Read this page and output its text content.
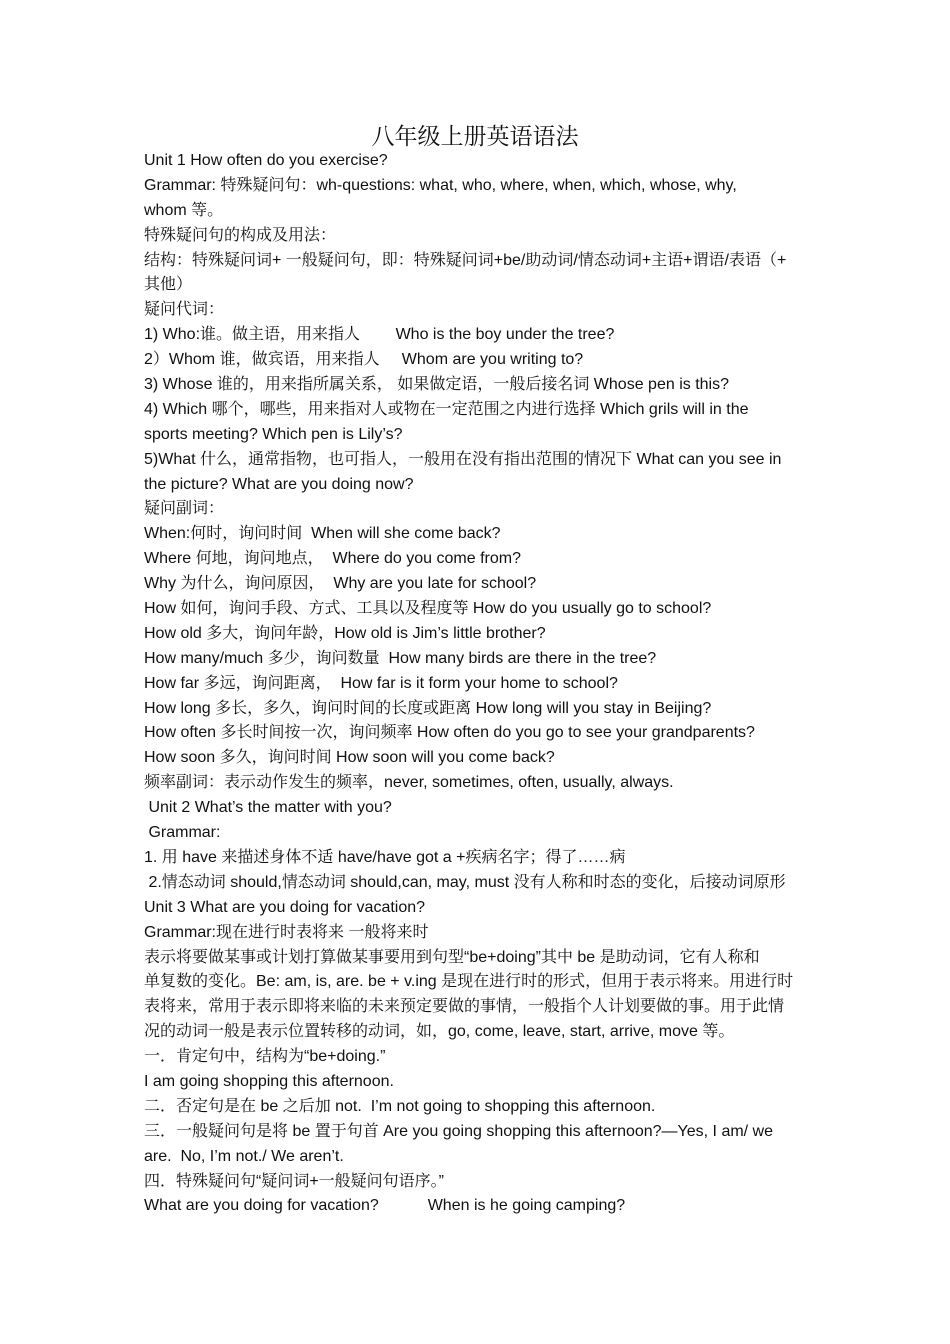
八年级上册英语语法
Unit 1 How often do you exercise?
Grammar: 特殊疑问句：wh-questions: what, who, where, when, which, whose, why,
whom 等。
特殊疑问句的构成及用法：
结构：特殊疑问词+ 一般疑问句，即：特殊疑问词+be/助动词/情态动词+主语+谓语/表语（+
其他）
疑问代词：
1) Who:谁。做主语，用来指人        Who is the boy under the tree?
2）Whom 谁，做宾语，用来指人     Whom are you writing to?
3) Whose 谁的，用来指所属关系， 如果做定语，一般后接名词 Whose pen is this?
4) Which 哪个，哪些，用来指对人或物在一定范围之内进行选择 Which grils will in the
sports meeting? Which pen is Lily’s?
5)What 什么，通常指物，也可指人，一般用在没有指出范围的情况下 What can you see in
the picture? What are you doing now?
疑问副词：
When:何时，询问时间  When will she come back?
Where 何地，询问地点，  Where do you come from?
Why 为什么，询问原因，  Why are you late for school?
How 如何，询问手段、方式、工具以及程度等 How do you usually go to school?
How old 多大，询问年龄，How old is Jim’s little brother?
How many/much 多少，询问数量  How many birds are there in the tree?
How far 多远，询问距离，  How far is it form your home to school?
How long 多长，多久，询问时间的长度或距离 How long will you stay in Beijing?
How often 多长时间按一次，询问频率 How often do you go to see your grandparents?
How soon 多久，询问时间 How soon will you come back?
频率副词：表示动作发生的频率，never, sometimes, often, usually, always.
Unit 2 What’s the matter with you?
Grammar:
1. 用 have 来描述身体不适 have/have got a +疾病名字；得了……病
2.情态动词 should,情态动词 should,can, may, must 没有人称和时态的变化，后接动词原形
Unit 3 What are you doing for vacation?
Grammar:现在进行时表将来 一般将来时
表示将要做某事或计划打算做某事要用到句型“be+doing”其中 be 是助动词，它有人称和
单复数的变化。Be: am, is, are. be + v.ing 是现在进行时的形式，但用于表示将来。用进行时
表将来，常用于表示即将来临的未来预定要做的事情，一般指个人计划要做的事。用于此情
况的动词一般是表示位置转移的动词，如，go, come, leave, start, arrive, move 等。
一．肯定句中，结构为“be+doing.”
I am going shopping this afternoon.
二．否定句是在 be 之后加 not.  I’m not going to shopping this afternoon.
三．一般疑问句是将 be 置于句首 Are you going shopping this afternoon?—Yes, I am/ we
are.  No, I’m not./ We aren’t.
四．特殊疑问句“疑问词+一般疑问句语序。”
What are you doing for vacation?           When is he going camping?
